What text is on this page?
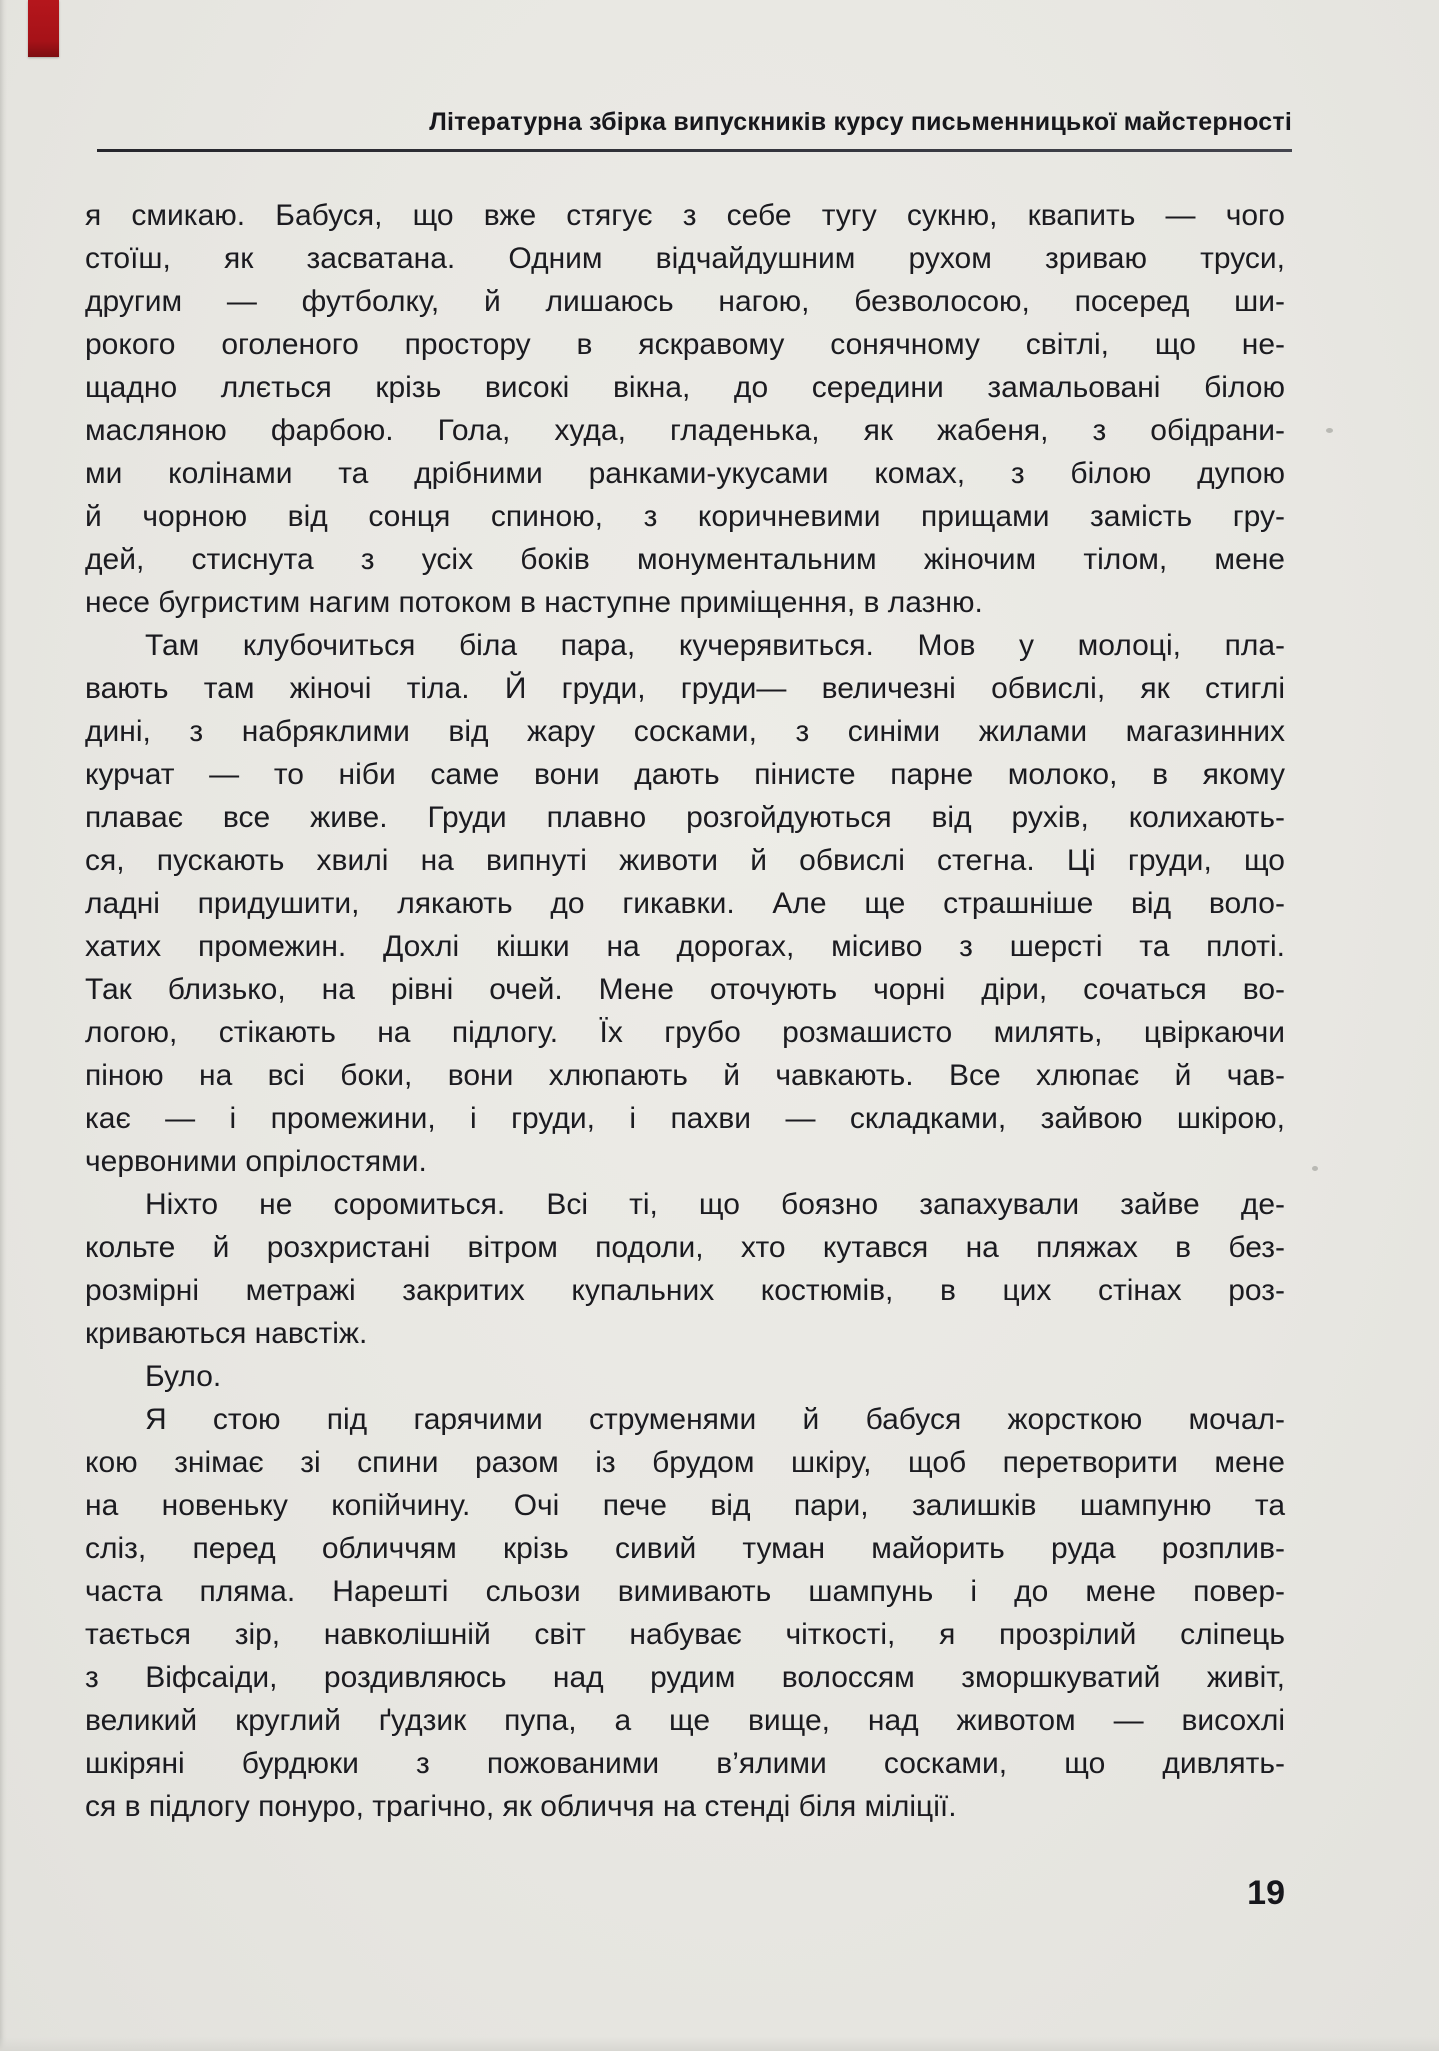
Літературна збірка випускників курсу письменницької майстерності
я смикаю. Бабуся, що вже стягує з себе тугу сукню, квапить — чого
стоїш, як засватана. Одним відчайдушним рухом зриваю труси,
другим — футболку, й лишаюсь нагою, безволосою, посеред ши-
рокого оголеного простору в яскравому сонячному світлі, що не-
щадно ллється крізь високі вікна, до середини замальовані білою
масляною фарбою. Гола, худа, гладенька, як жабеня, з обідрани-
ми колінами та дрібними ранками-укусами комах, з білою дупою
й чорною від сонця спиною, з коричневими прищами замість гру-
дей, стиснута з усіх боків монументальним жіночим тілом, мене
несе бугристим нагим потоком в наступне приміщення, в лазню.
Там клубочиться біла пара, кучерявиться. Мов у молоці, пла-
вають там жіночі тіла. Й груди, груди— величезні обвислі, як стиглі
дині, з набряклими від жару сосками, з синіми жилами магазинних
курчат — то ніби саме вони дають пінисте парне молоко, в якому
плаває все живе. Груди плавно розгойдуються від рухів, колихають-
ся, пускають хвилі на випнуті животи й обвислі стегна. Ці груди, що
ладні придушити, лякають до гикавки. Але ще страшніше від воло-
хатих промежин. Дохлі кішки на дорогах, місиво з шерсті та плоті.
Так близько, на рівні очей. Мене оточують чорні діри, сочаться во-
логою, стікають на підлогу. Їх грубо розмашисто милять, цвіркаючи
піною на всі боки, вони хлюпають й чавкають. Все хлюпає й чав-
кає — і промежини, і груди, і пахви — складками, зайвою шкірою,
червоними опрілостями.
Ніхто не соромиться. Всі ті, що боязно запахували зайве де-
кольте й розхристані вітром подоли, хто кутався на пляжах в без-
розмірні метражі закритих купальних костюмів, в цих стінах роз-
криваються навстіж.
Було.
Я стою під гарячими струменями й бабуся жорсткою мочал-
кою знімає зі спини разом із брудом шкіру, щоб перетворити мене
на новеньку копійчину. Очі пече від пари, залишків шампуню та
сліз, перед обличчям крізь сивий туман майорить руда розплив-
часта пляма. Нарешті сльози вимивають шампунь і до мене повер-
тається зір, навколішній світ набуває чіткості, я прозрілий сліпець
з Віфсаіди, роздивляюсь над рудим волоссям зморшкуватий живіт,
великий круглий ґудзик пупа, а ще вище, над животом — висохлі
шкіряні бурдюки з пожованими в’ялими сосками, що дивлять-
ся в підлогу понуро, трагічно, як обличчя на стенді біля міліції.
19
